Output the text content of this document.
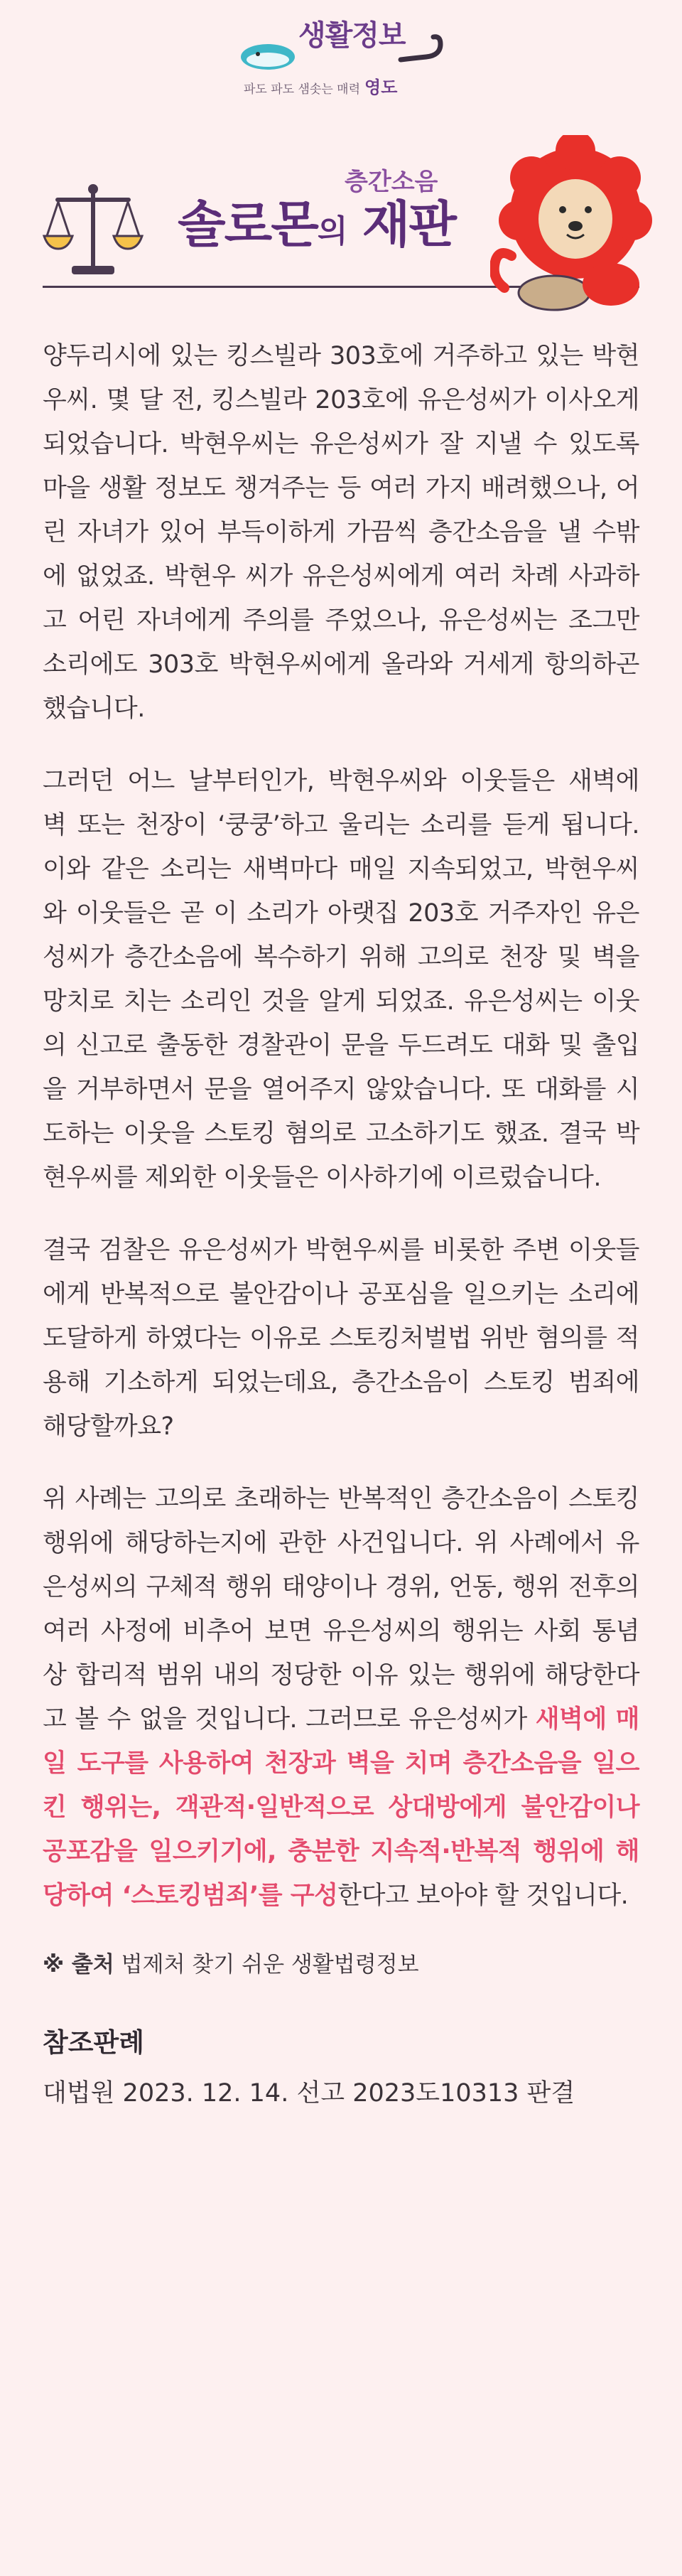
생활정보
파도 파도 샘솟는 매력 영도
층간소음
솔로몬의 재판

양두리시에 있는 킹스빌라 303호에 거주하고 있는 박현우씨. 몇 달 전, 킹스빌라 203호에 유은성씨가 이사오게 되었습니다. 박현우씨는 유은성씨가 잘 지낼 수 있도록 마을 생활 정보도 챙겨주는 등 여러 가지 배려했으나, 어린 자녀가 있어 부득이하게 가끔씩 층간소음을 낼 수밖에 없었죠. 박현우 씨가 유은성씨에게 여러 차례 사과하고 어린 자녀에게 주의를 주었으나, 유은성씨는 조그만 소리에도 303호 박현우씨에게 올라와 거세게 항의하곤 했습니다.

그러던 어느 날부터인가, 박현우씨와 이웃들은 새벽에 벽 또는 천장이 ‘쿵쿵’하고 울리는 소리를 듣게 됩니다. 이와 같은 소리는 새벽마다 매일 지속되었고, 박현우씨와 이웃들은 곧 이 소리가 아랫집 203호 거주자인 유은성씨가 층간소음에 복수하기 위해 고의로 천장 및 벽을 망치로 치는 소리인 것을 알게 되었죠. 유은성씨는 이웃의 신고로 출동한 경찰관이 문을 두드려도 대화 및 출입을 거부하면서 문을 열어주지 않았습니다. 또 대화를 시도하는 이웃을 스토킹 혐의로 고소하기도 했죠. 결국 박현우씨를 제외한 이웃들은 이사하기에 이르렀습니다.

결국 검찰은 유은성씨가 박현우씨를 비롯한 주변 이웃들에게 반복적으로 불안감이나 공포심을 일으키는 소리에 도달하게 하였다는 이유로 스토킹처벌법 위반 혐의를 적용해 기소하게 되었는데요, 층간소음이 스토킹 범죄에 해당할까요?

위 사례는 고의로 초래하는 반복적인 층간소음이 스토킹 행위에 해당하는지에 관한 사건입니다. 위 사례에서 유은성씨의 구체적 행위 태양이나 경위, 언동, 행위 전후의 여러 사정에 비추어 보면 유은성씨의 행위는 사회 통념상 합리적 범위 내의 정당한 이유 있는 행위에 해당한다고 볼 수 없을 것입니다. 그러므로 유은성씨가 새벽에 매일 도구를 사용하여 천장과 벽을 치며 층간소음을 일으킨 행위는, 객관적·일반적으로 상대방에게 불안감이나 공포감을 일으키기에, 충분한 지속적·반복적 행위에 해당하여 ‘스토킹범죄’를 구성한다고 보아야 할 것입니다.

※ 출처 법제처 찾기 쉬운 생활법령정보
참조판례
대법원 2023. 12. 14. 선고 2023도10313 판결
